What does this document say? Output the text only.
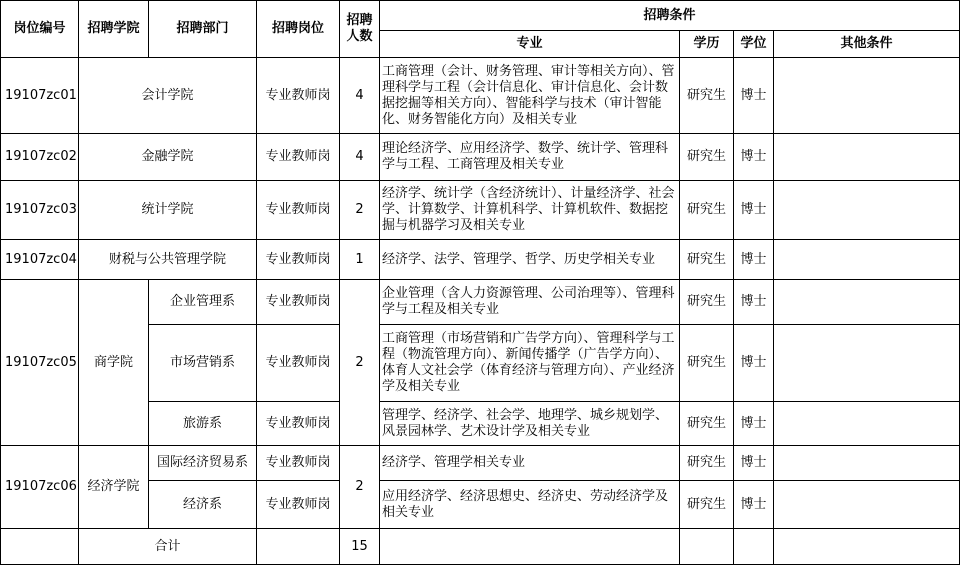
岗位编号	招聘学院	招聘部门	招聘岗位	招聘人数	招聘条件			
					专业	学历	学位	其他条件
19107zc01	会计学院		专业教师岗	4	工商管理（会计、财务管理、审计等相关方向）、管理科学与工程（会计信息化、审计信息化、会计数据挖掘等相关方向）、智能科学与技术（审计智能化、财务智能化方向）及相关专业	研究生	博士	
19107zc02	金融学院		专业教师岗	4	理论经济学、应用经济学、数学、统计学、管理科学与工程、工商管理及相关专业	研究生	博士	
19107zc03	统计学院		专业教师岗	2	经济学、统计学（含经济统计）、计量经济学、社会学、计算数学、计算机科学、计算机软件、数据挖掘与机器学习及相关专业	研究生	博士	
19107zc04	财税与公共管理学院		专业教师岗	1	经济学、法学、管理学、哲学、历史学相关专业	研究生	博士	
19107zc05	商学院	企业管理系	专业教师岗	2	企业管理（含人力资源管理、公司治理等）、管理科学与工程及相关专业	研究生	博士	
		市场营销系	专业教师岗		工商管理（市场营销和广告学方向）、管理科学与工程（物流管理方向）、新闻传播学（广告学方向）、体育人文社会学（体育经济与管理方向）、产业经济学及相关专业	研究生	博士	
		旅游系	专业教师岗		管理学、经济学、社会学、地理学、城乡规划学、风景园林学、艺术设计学及相关专业	研究生	博士	
19107zc06	经济学院	国际经济贸易系	专业教师岗	2	经济学、管理学相关专业	研究生	博士	
		经济系	专业教师岗		应用经济学、经济思想史、经济史、劳动经济学及相关专业	研究生	博士	
	合计			15				
